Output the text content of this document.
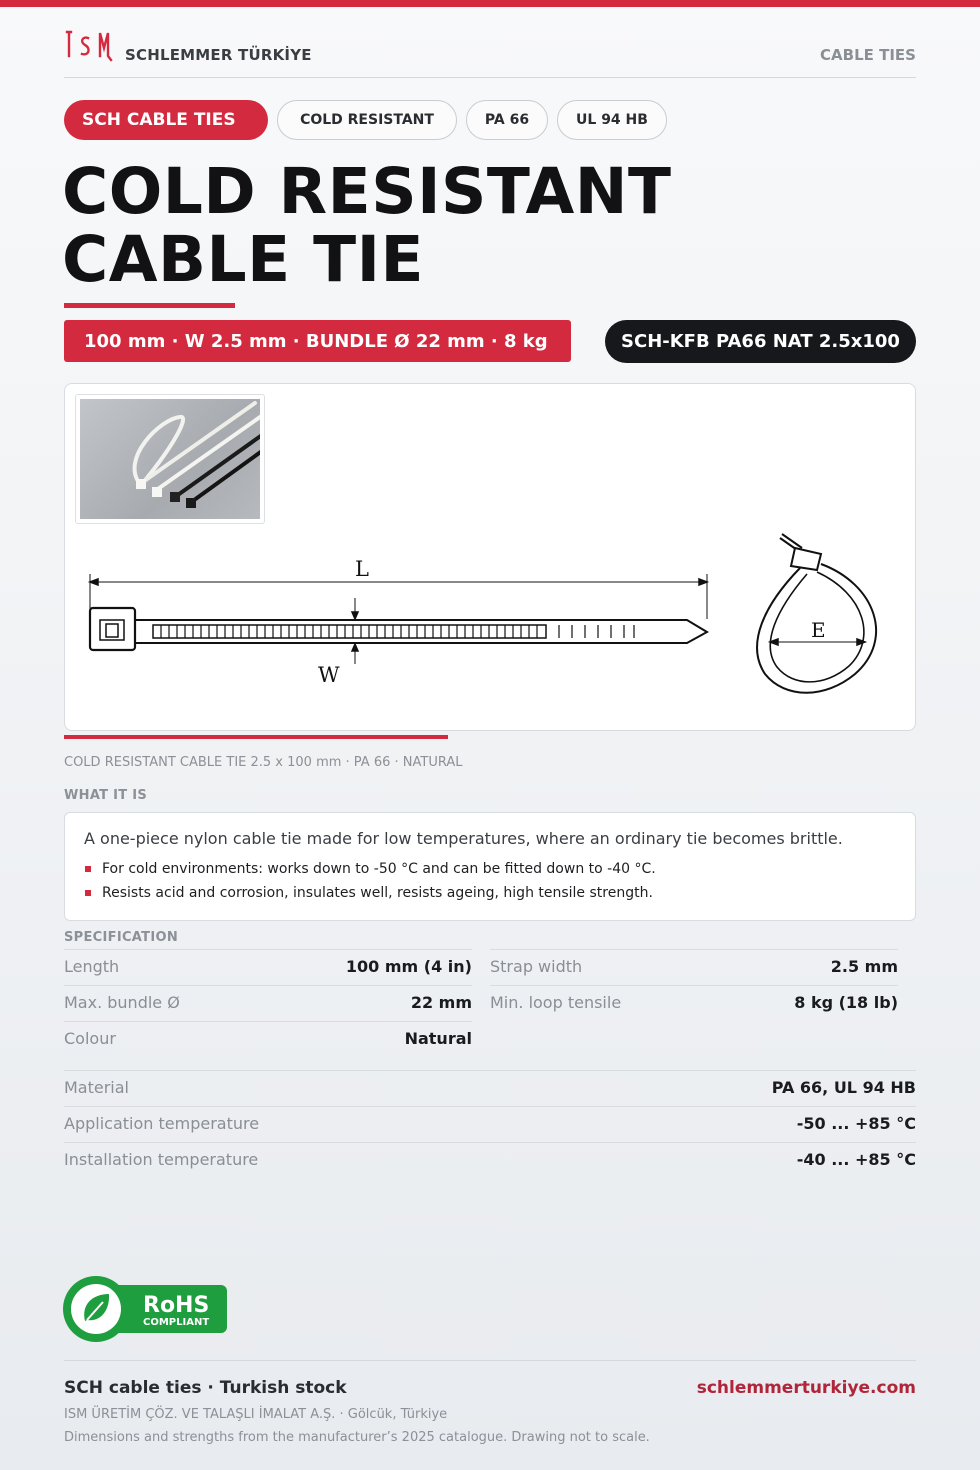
SCHLEMMER TÜRKİYE	CABLE TIES
SCH CABLE TIES	COLD RESISTANT	PA 66	UL 94 HB
COLD RESISTANT
CABLE TIE
100 mm · W 2.5 mm · BUNDLE Ø 22 mm · 8 kg	SCH-KFB PA66 NAT 2.5x100
L
W
E
COLD RESISTANT CABLE TIE 2.5 x 100 mm · PA 66 · NATURAL
WHAT IT IS
A one-piece nylon cable tie made for low temperatures, where an ordinary tie becomes brittle.
For cold environments: works down to -50 °C and can be fitted down to -40 °C.
Resists acid and corrosion, insulates well, resists ageing, high tensile strength.
SPECIFICATION
Length	100 mm (4 in) Strap width	2.5 mm
Max. bundle Ø	22 mm Min. loop tensile	8 kg (18 lb)
Colour	Natural
Material	PA 66, UL 94 HB
Application temperature	-50 ... +85 °C
Installation temperature	-40 ... +85 °C
RoHS
COMPLIANT
SCH cable ties · Turkish stock	schlemmerturkiye.com
ISM ÜRETİM ÇÖZ. VE TALAŞLI İMALAT A.Ş. · Gölcük, Türkiye
Dimensions and strengths from the manufacturer’s 2025 catalogue. Drawing not to scale.
